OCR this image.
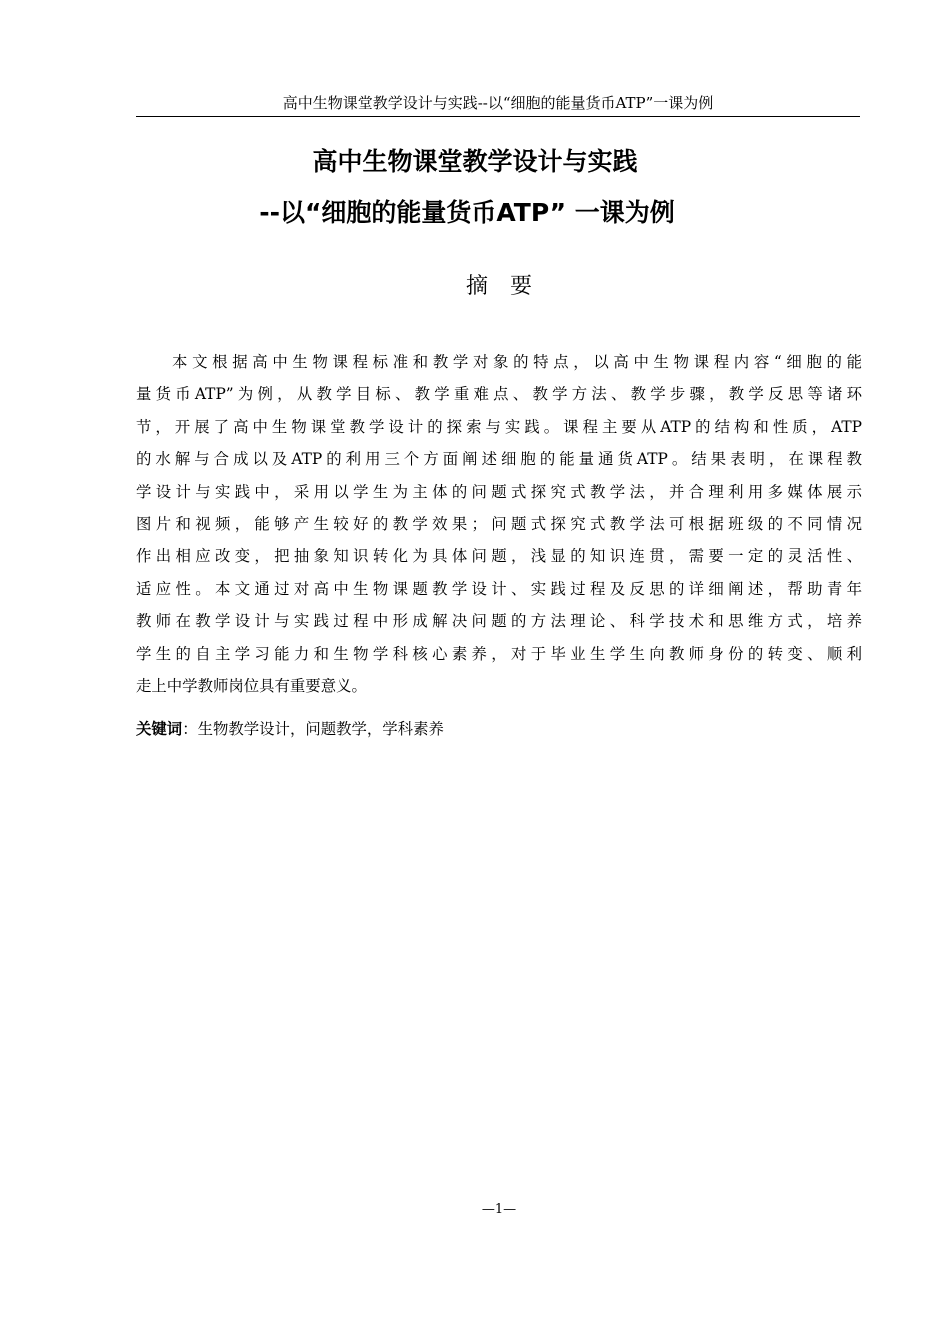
高中生物课堂教学设计与实践--以“细胞的能量货币ATP”一课为例
高中生物课堂教学设计与实践
--以“细胞的能量货币ATP” 一课为例
摘　要
本文根据高中生物课程标准和教学对象的特点，以高中生物课程内容“细胞的能
量货币ATP”为例，从教学目标、教学重难点、教学方法、教学步骤，教学反思等诸环
节，开展了高中生物课堂教学设计的探索与实践。课程主要从ATP的结构和性质，ATP
的水解与合成以及ATP的利用三个方面阐述细胞的能量通货ATP。结果表明，在课程教
学设计与实践中，采用以学生为主体的问题式探究式教学法，并合理利用多媒体展示
图片和视频，能够产生较好的教学效果；问题式探究式教学法可根据班级的不同情况
作出相应改变，把抽象知识转化为具体问题，浅显的知识连贯，需要一定的灵活性、
适应性。本文通过对高中生物课题教学设计、实践过程及反思的详细阐述，帮助青年
教师在教学设计与实践过程中形成解决问题的方法理论、科学技术和思维方式，培养
学生的自主学习能力和生物学科核心素养，对于毕业生学生向教师身份的转变、顺利
走上中学教师岗位具有重要意义。
关键词：生物教学设计，问题教学，学科素养
—1—
